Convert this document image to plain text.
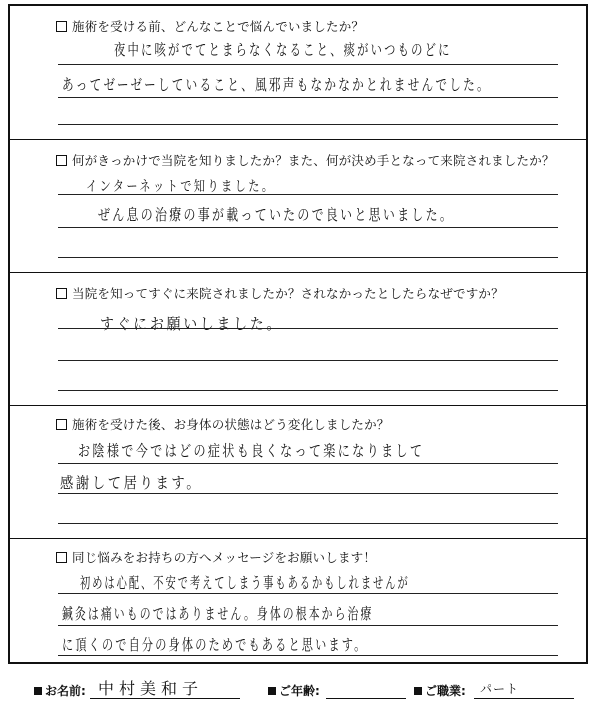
施術を受ける前、どんなことで悩んでいましたか？
夜中に咳がでてとまらなくなること、痰がいつものどに
あってゼーゼーしていること、風邪声もなかなかとれませんでした。
何がきっかけで当院を知りましたか？また、何が決め手となって来院されましたか？
インターネットで知りました。
ぜん息の治療の事が載っていたので良いと思いました。
当院を知ってすぐに来院されましたか？されなかったとしたらなぜですか？
すぐにお願いしました。
施術を受けた後、お身体の状態はどう変化しましたか？
お陰様で今ではどの症状も良くなって楽になりまして
感謝して居ります。
同じ悩みをお持ちの方へメッセージをお願いします！
初めは心配、不安で考えてしまう事もあるかもしれませんが
鍼灸は痛いものではありません。身体の根本から治療
に頂くので自分の身体のためでもあると思います。
お名前: 中村美和子	ご年齢:	ご職業: パート
